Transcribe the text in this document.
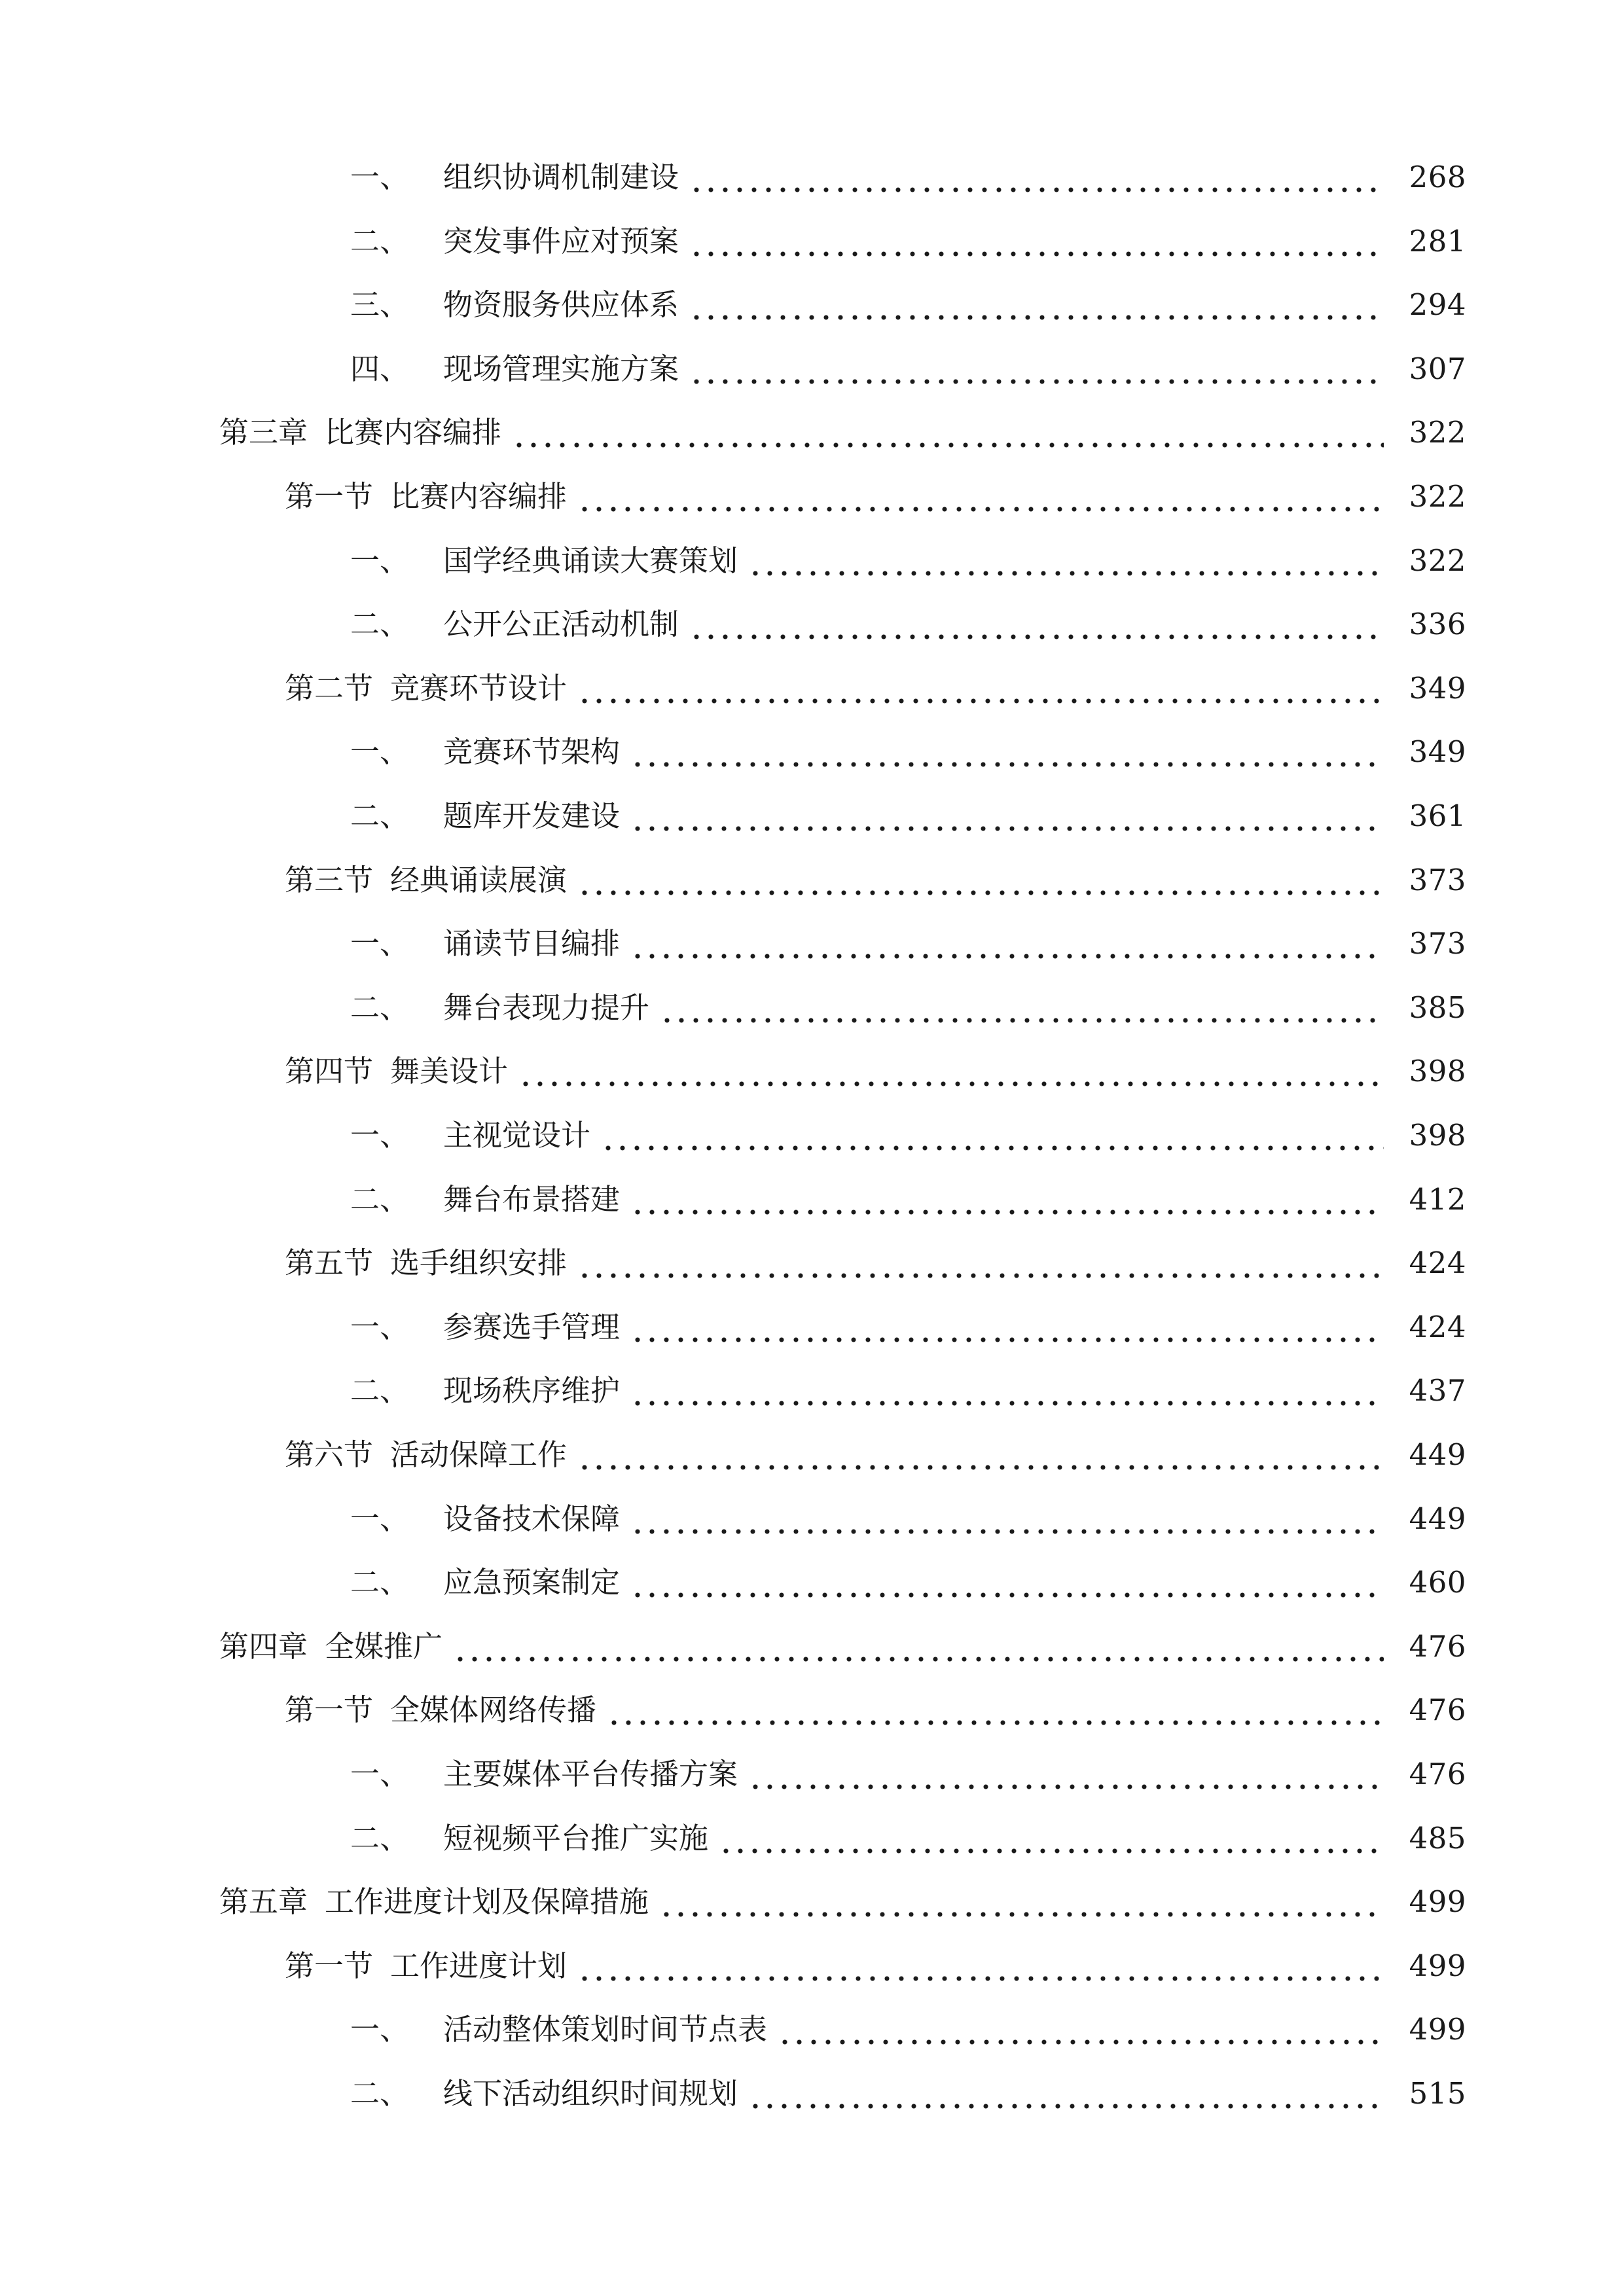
一、 组织协调机制建设	268
二、 突发事件应对预案	281
三、 物资服务供应体系	294
四、 现场管理实施方案	307
第三章 比赛内容编排	322
第一节 比赛内容编排	322
一、 国学经典诵读大赛策划	322
二、 公开公正活动机制	336
第二节 竞赛环节设计	349
一、 竞赛环节架构	349
二、 题库开发建设	361
第三节 经典诵读展演	373
一、 诵读节目编排	373
二、 舞台表现力提升	385
第四节 舞美设计	398
一、 主视觉设计	398
二、 舞台布景搭建	412
第五节 选手组织安排	424
一、 参赛选手管理	424
二、 现场秩序维护	437
第六节 活动保障工作	449
一、 设备技术保障	449
二、 应急预案制定	460
第四章 全媒推广	476
第一节 全媒体网络传播	476
一、 主要媒体平台传播方案	476
二、 短视频平台推广实施	485
第五章 工作进度计划及保障措施	499
第一节 工作进度计划	499
一、 活动整体策划时间节点表	499
二、 线下活动组织时间规划	515
